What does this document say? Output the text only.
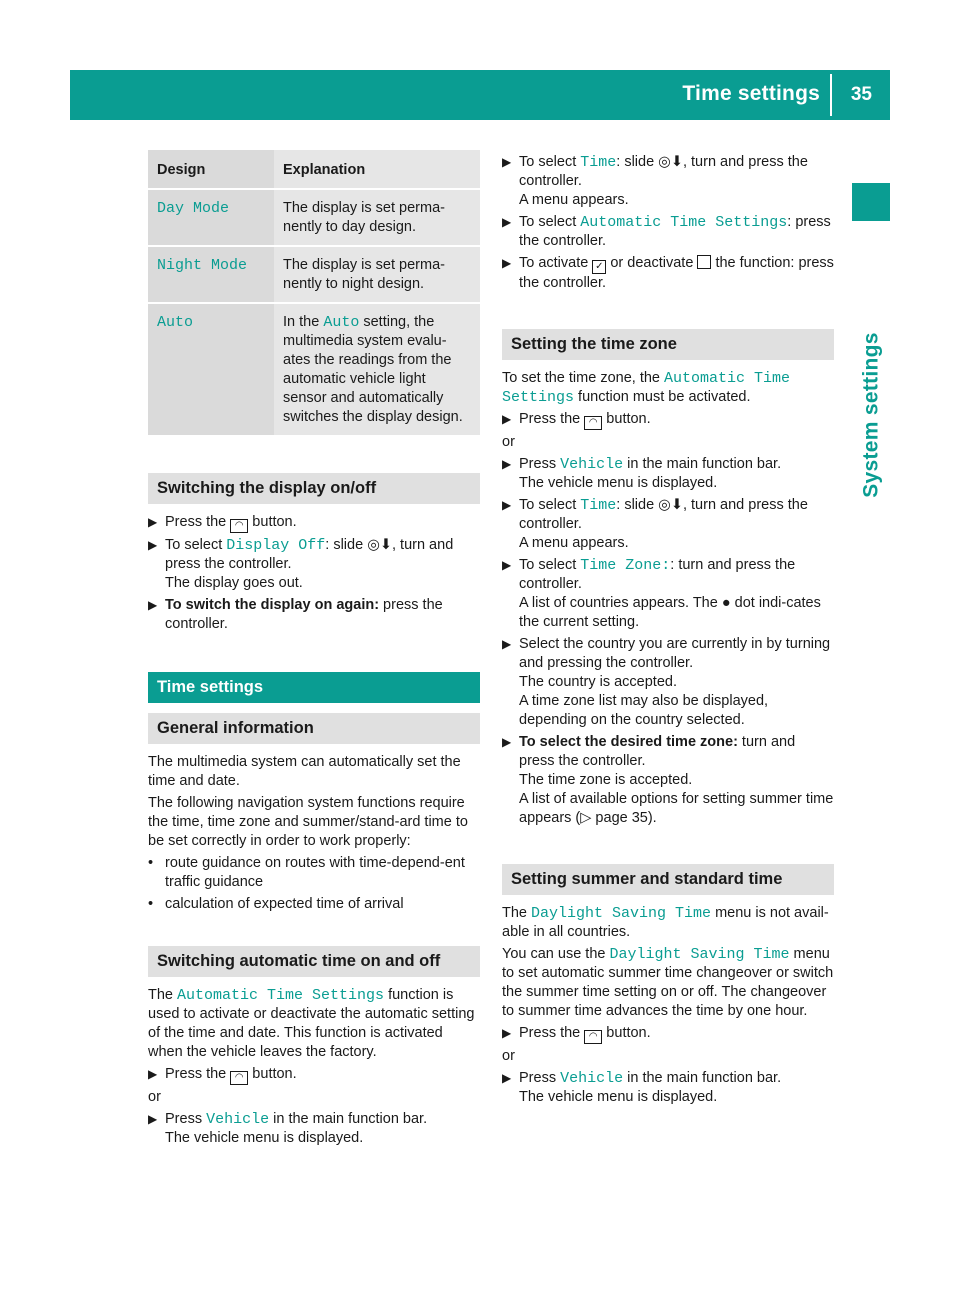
Time settings 35
System settings
Design	Explanation
Day Mode	The display is set perma-nently to day design.
Night Mode	The display is set perma-nently to night design.
Auto	In the Auto setting, the multimedia system evalu-ates the readings from the automatic vehicle light sensor and automatically switches the display design.
Switching the display on/off
▶ Press the ◠ button.
▶ To select Display Off: slide ◎⬇, turn and press the controller.
The display goes out.
▶ To switch the display on again: press the controller.
Time settings
General information

The multimedia system can automatically set the time and date.

The following navigation system functions require the time, time zone and summer/stand-ard time to be set correctly in order to work properly:

• route guidance on routes with time-depend-ent traffic guidance
• calculation of expected time of arrival
Switching automatic time on and off

The Automatic Time Settings function is used to activate or deactivate the automatic setting of the time and date. This function is activated when the vehicle leaves the factory.

▶ Press the ◠ button.

or

▶ Press Vehicle in the main function bar.
The vehicle menu is displayed.
▶ To select Time: slide ◎⬇, turn and press the controller.
A menu appears.
▶ To select Automatic Time Settings: press the controller.
▶ To activate ✓ or deactivate  the function: press the controller.
Setting the time zone

To set the time zone, the Automatic Time Settings function must be activated.

▶ Press the ◠ button.

or

▶ Press Vehicle in the main function bar.
The vehicle menu is displayed.
▶ To select Time: slide ◎⬇, turn and press the controller.
A menu appears.
▶ To select Time Zone:: turn and press the controller.
A list of countries appears. The ● dot indi-cates the current setting.
▶ Select the country you are currently in by turning and pressing the controller.
The country is accepted.
A time zone list may also be displayed, depending on the country selected.
▶ To select the desired time zone: turn and press the controller.
The time zone is accepted.
A list of available options for setting summer time appears (▷ page 35).
Setting summer and standard time

The Daylight Saving Time menu is not avail-able in all countries.

You can use the Daylight Saving Time menu to set automatic summer time changeover or switch the summer time setting on or off. The changeover to summer time advances the time by one hour.

▶ Press the ◠ button.

or

▶ Press Vehicle in the main function bar.
The vehicle menu is displayed.
